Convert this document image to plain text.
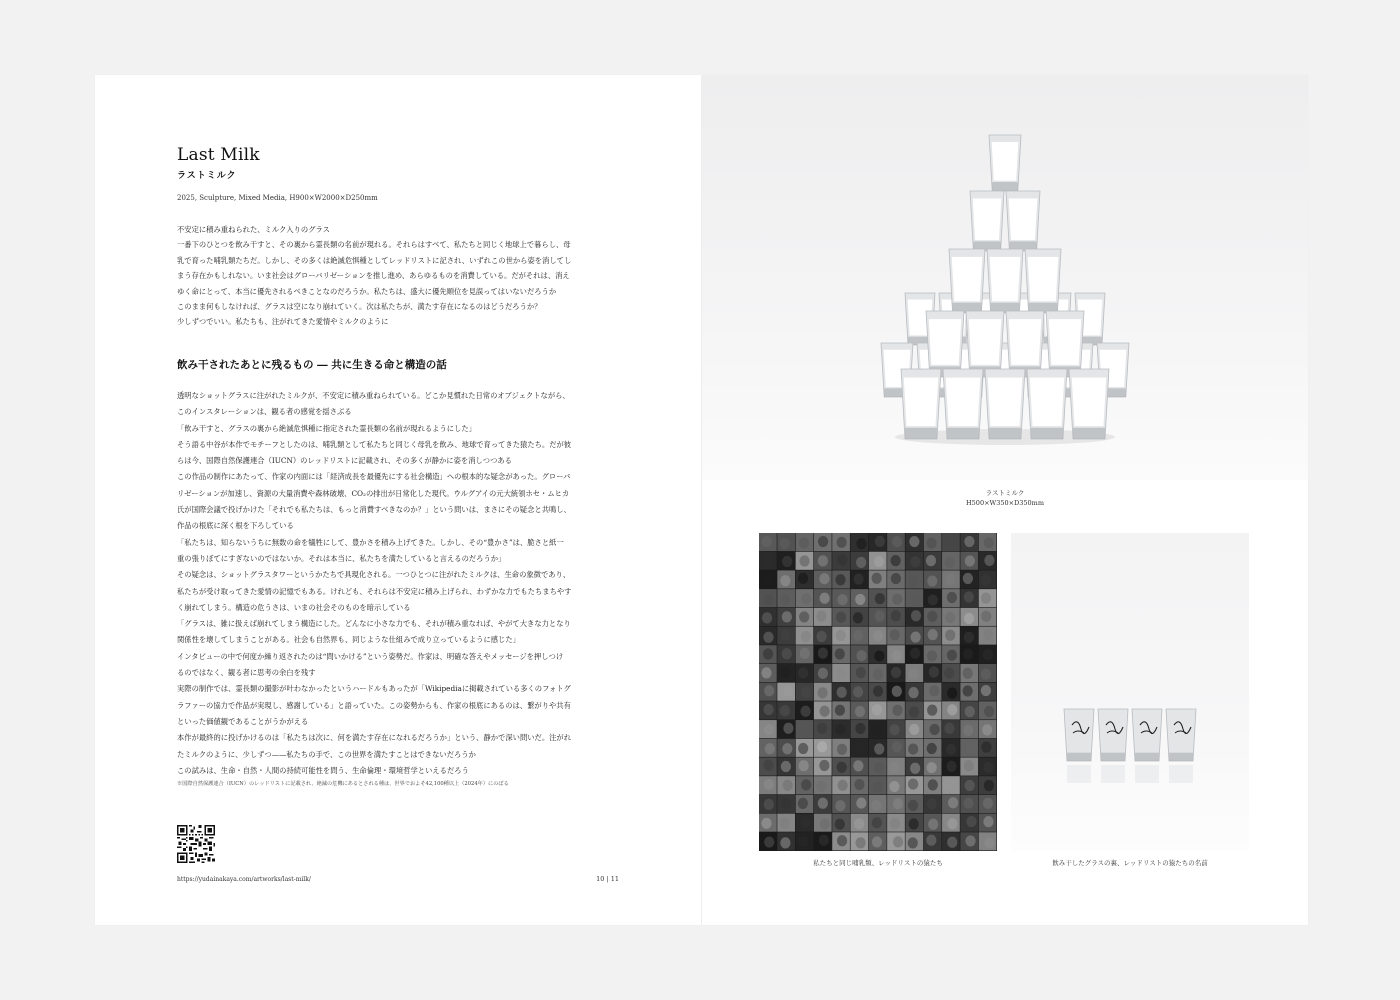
Last Milk
ラストミルク
2025, Sculpture, Mixed Media, H900×W2000×D250mm
不安定に積み重ねられた、ミルク入りのグラス
一番下のひとつを飲み干すと、その裏から霊長類の名前が現れる。それらはすべて、私たちと同じく地球上で暮らし、母
乳で育った哺乳類たちだ。しかし、その多くは絶滅危惧種としてレッドリストに記され、いずれこの世から姿を消してし
まう存在かもしれない。いま社会はグローバリゼーションを推し進め、あらゆるものを消費している。だがそれは、消え
ゆく命にとって、本当に優先されるべきことなのだろうか。私たちは、盛大に優先順位を見誤ってはいないだろうか
このまま何もしなければ、グラスは空になり崩れていく。次は私たちが、満たす存在になるのはどうだろうか？
少しずつでいい。私たちも、注がれてきた愛情やミルクのように
飲み干されたあとに残るもの ― 共に生きる命と構造の話
透明なショットグラスに注がれたミルクが、不安定に積み重ねられている。どこか見慣れた日常のオブジェクトながら、
このインスタレーションは、観る者の感覚を揺さぶる
「飲み干すと、グラスの裏から絶滅危惧種に指定された霊長類の名前が現れるようにした」
そう語る中谷が本作でモチーフとしたのは、哺乳類として私たちと同じく母乳を飲み、地球で育ってきた猿たち。だが彼
らは今、国際自然保護連合（IUCN）のレッドリストに記載され、その多くが静かに姿を消しつつある
この作品の制作にあたって、作家の内面には「経済成長を最優先にする社会構造」への根本的な疑念があった。グローバ
リゼーションが加速し、資源の大量消費や森林破壊、CO₂の排出が日常化した現代。ウルグアイの元大統領ホセ・ムヒカ
氏が国際会議で投げかけた「それでも私たちは、もっと消費すべきなのか？」という問いは、まさにその疑念と共鳴し、
作品の根底に深く根を下ろしている
「私たちは、知らないうちに無数の命を犠牲にして、豊かさを積み上げてきた。しかし、その“豊かさ”は、脆さと紙一
重の張りぼてにすぎないのではないか。それは本当に、私たちを満たしていると言えるのだろうか」
その疑念は、ショットグラスタワーというかたちで具現化される。一つひとつに注がれたミルクは、生命の象徴であり、
私たちが受け取ってきた愛情の記憶でもある。けれども、それらは不安定に積み上げられ、わずかな力でもたちまちやす
く崩れてしまう。構造の危うさは、いまの社会そのものを暗示している
「グラスは、雑に扱えば崩れてしまう構造にした。どんなに小さな力でも、それが積み重なれば、やがて大きな力となり
関係性を壊してしまうことがある。社会も自然界も、同じような仕組みで成り立っているように感じた」
インタビューの中で何度か繰り返されたのは“問いかける”という姿勢だ。作家は、明確な答えやメッセージを押しつけ
るのではなく、観る者に思考の余白を残す
実際の制作では、霊長類の撮影が叶わなかったというハードルもあったが「Wikipediaに掲載されている多くのフォトグ
ラファーの協力で作品が実現し、感謝している」と語っていた。この姿勢からも、作家の根底にあるのは、繋がりや共有
といった価値観であることがうかがえる
本作が最終的に投げかけるのは「私たちは次に、何を満たす存在になれるだろうか」という、静かで深い問いだ。注がれ
たミルクのように、少しずつ——私たちの手で、この世界を満たすことはできないだろうか
この試みは、生命・自然・人間の持続可能性を問う、生命倫理・環境哲学といえるだろう
※国際自然保護連合（IUCN）のレッドリストに記載され、絶滅の危機にあるとされる種は、世界でおよそ42,100種以上（2024年）にのぼる
https://yudainakaya.com/artworks/last-milk/	10 | 11
ラストミルク
H500×W350×D350mm
私たちと同じ哺乳類、レッドリストの猿たち	飲み干したグラスの裏、レッドリストの猿たちの名前
